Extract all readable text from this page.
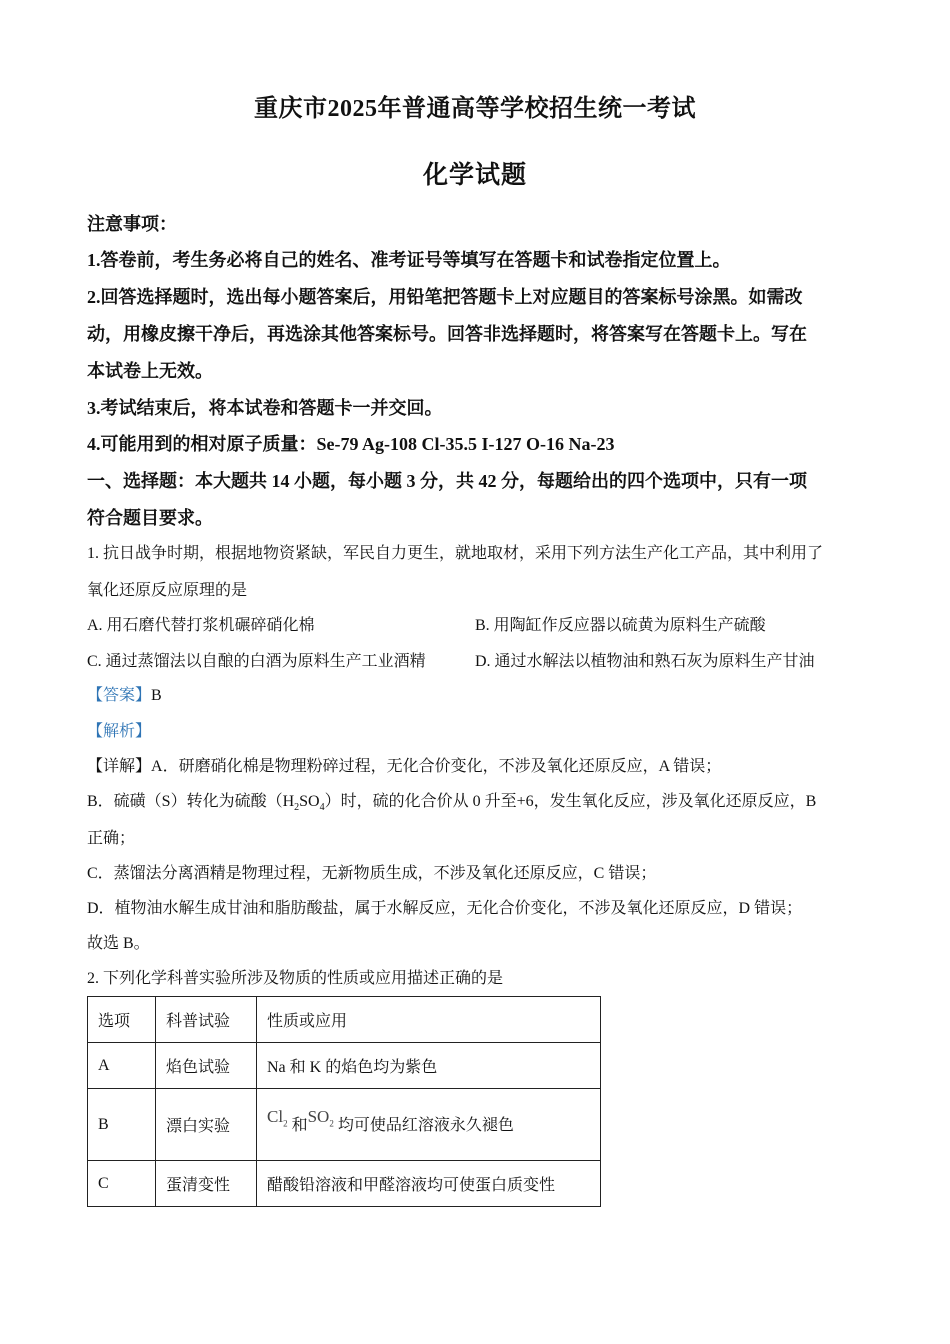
重庆市2025年普通高等学校招生统一考试
化学试题
注意事项：
1.答卷前，考生务必将自己的姓名、准考证号等填写在答题卡和试卷指定位置上。
2.回答选择题时，选出每小题答案后，用铅笔把答题卡上对应题目的答案标号涂黑。如需改
动，用橡皮擦干净后，再选涂其他答案标号。回答非选择题时，将答案写在答题卡上。写在
本试卷上无效。
3.考试结束后，将本试卷和答题卡一并交回。
4.可能用到的相对原子质量：Se-79 Ag-108 Cl-35.5 I-127 O-16 Na-23
一、选择题：本大题共 14 小题，每小题 3 分，共 42 分，每题给出的四个选项中，只有一项
符合题目要求。
1. 抗日战争时期，根据地物资紧缺，军民自力更生，就地取材，采用下列方法生产化工产品，其中利用了
氧化还原反应原理的是
A. 用石磨代替打浆机碾碎硝化棉	B. 用陶缸作反应器以硫黄为原料生产硫酸
C. 通过蒸馏法以自酿的白酒为原料生产工业酒精	D. 通过水解法以植物油和熟石灰为原料生产甘油
【答案】B
【解析】
【详解】A．研磨硝化棉是物理粉碎过程，无化合价变化，不涉及氧化还原反应，A 错误；
B．硫磺（S）转化为硫酸$(H_2SO_4)$时，硫的化合价从 0 升至+6，发生氧化反应，涉及氧化还原反应，B
正确；
C．蒸馏法分离酒精是物理过程，无新物质生成，不涉及氧化还原反应，C 错误；
D．植物油水解生成甘油和脂肪酸盐，属于水解反应，无化合价变化，不涉及氧化还原反应，D 错误；
故选 B。
2. 下列化学科普实验所涉及物质的性质或应用描述正确的是
选项	科普试验	性质或应用
A	焰色试验	Na 和 K 的焰色均为紫色
B	漂白实验	$Cl_2$ 和$SO_2$ 均可使品红溶液永久褪色
C	蛋清变性	醋酸铅溶液和甲醛溶液均可使蛋白质变性
